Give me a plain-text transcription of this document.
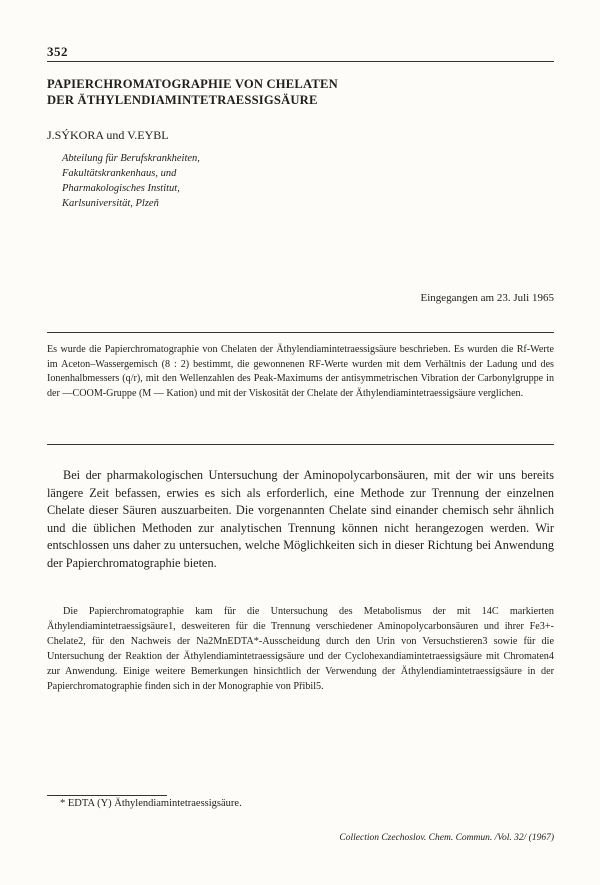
352
PAPIERCHROMATOGRAPHIE VON CHELATEN
DER ÄTHYLENDIAMINTETRAESSIGSÄURE
J.SÝKORA und V.EYBL
Abteilung für Berufskrankheiten,
Fakultätskrankenhaus, und
Pharmakologisches Institut,
Karlsuniversität, Plzeň
Eingegangen am 23. Juli 1965
Es wurde die Papierchromatographie von Chelaten der Äthylendiamintetraessigsäure beschrieben. Es wurden die Rf-Werte im Aceton–Wassergemisch (8 : 2) bestimmt, die gewonnenen RF-Werte wurden mit dem Verhältnis der Ladung und des Ionenhalbmessers (q/r), mit den Wellenzahlen des Peak-Maximums der antisymmetrischen Vibration der Carbonylgruppe in der —COOM-Gruppe (M — Kation) und mit der Viskosität der Chelate der Äthylendiamintetraessigsäure verglichen.
Bei der pharmakologischen Untersuchung der Aminopolycarbonsäuren, mit der wir uns bereits längere Zeit befassen, erwies es sich als erforderlich, eine Methode zur Trennung der einzelnen Chelate dieser Säuren auszuarbeiten. Die vorgenannten Chelate sind einander chemisch sehr ähnlich und die üblichen Methoden zur analytischen Trennung können nicht herangezogen werden. Wir entschlossen uns daher zu untersuchen, welche Möglichkeiten sich in dieser Richtung bei Anwendung der Papierchromatographie bieten.
Die Papierchromatographie kam für die Untersuchung des Metabolismus der mit 14C markierten Äthylendiamintetraessigsäure1, desweiteren für die Trennung verschiedener Aminopolycarbonsäuren und ihrer Fe3+-Chelate2, für den Nachweis der Na2MnEDTA*-Ausscheidung durch den Urin von Versuchstieren3 sowie für die Untersuchung der Reaktion der Äthylendiamintetraessigsäure und der Cyclohexandiamintetraessigsäure mit Chromaten4 zur Anwendung. Einige weitere Bemerkungen hinsichtlich der Verwendung der Äthylendiamintetraessigsäure in der Papierchromatographie finden sich in der Monographie von Přibil5.
* EDTA (Y) Äthylendiamintetraessigsäure.
Collection Czechoslov. Chem. Commun. /Vol. 32/ (1967)
